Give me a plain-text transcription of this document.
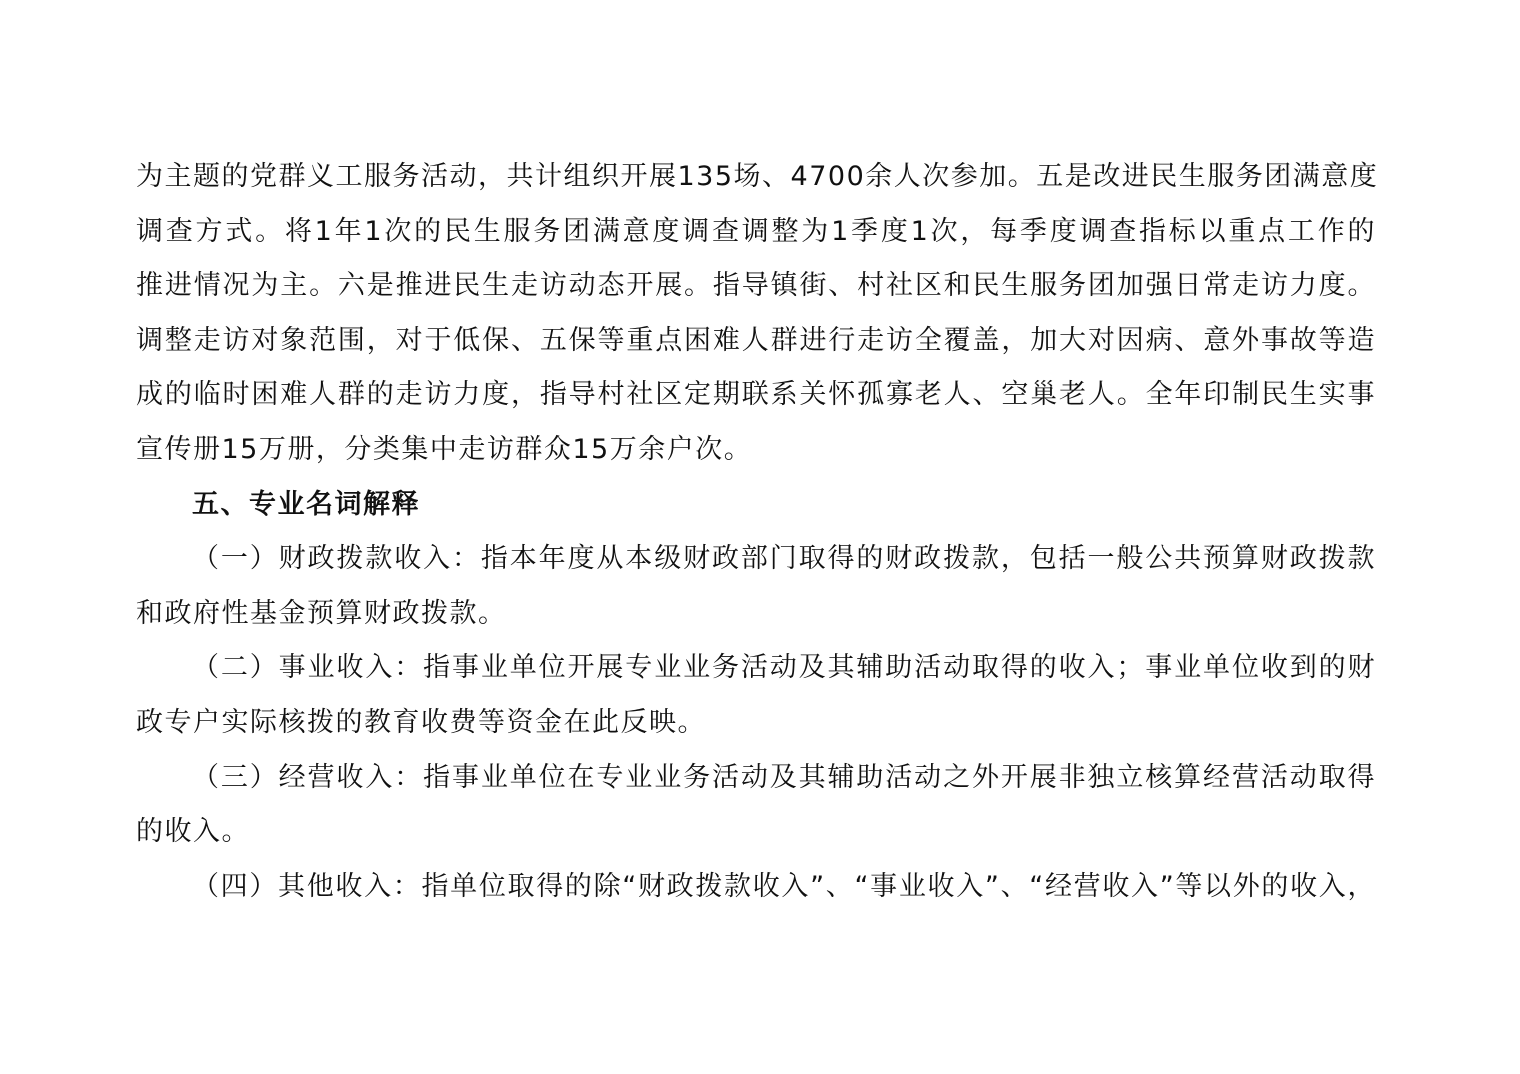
为主题的党群义工服务活动，共计组织开展135场、4700余人次参加。五是改进民生服务团满意度
调查方式。将1年1次的民生服务团满意度调查调整为1季度1次，每季度调查指标以重点工作的
推进情况为主。六是推进民生走访动态开展。指导镇街、村社区和民生服务团加强日常走访力度。
调整走访对象范围，对于低保、五保等重点困难人群进行走访全覆盖，加大对因病、意外事故等造
成的临时困难人群的走访力度，指导村社区定期联系关怀孤寡老人、空巢老人。全年印制民生实事
宣传册15万册，分类集中走访群众15万余户次。
五、专业名词解释
（一）财政拨款收入：指本年度从本级财政部门取得的财政拨款，包括一般公共预算财政拨款
和政府性基金预算财政拨款。
（二）事业收入：指事业单位开展专业业务活动及其辅助活动取得的收入；事业单位收到的财
政专户实际核拨的教育收费等资金在此反映。
（三）经营收入：指事业单位在专业业务活动及其辅助活动之外开展非独立核算经营活动取得
的收入。
（四）其他收入：指单位取得的除“财政拨款收入”、“事业收入”、“经营收入”等以外的收入，
